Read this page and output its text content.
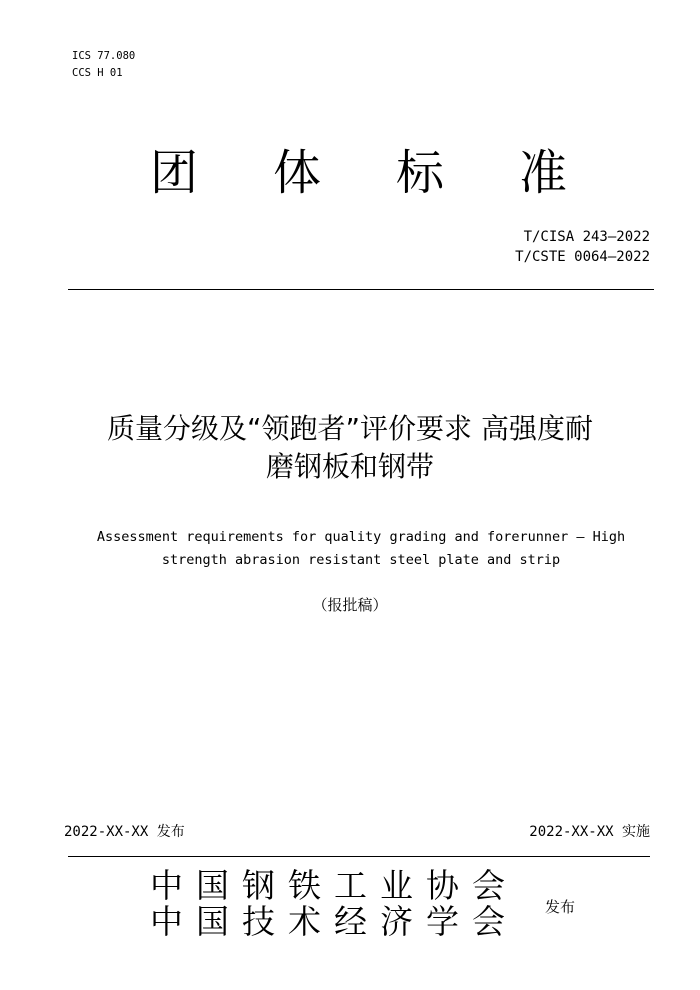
ICS 77.080
CCS H 01
团 体 标 准
T/CISA 243—2022
T/CSTE 0064—2022
质量分级及“领跑者”评价要求 高强度耐
磨钢板和钢带
Assessment requirements for quality grading and forerunner — High
strength abrasion resistant steel plate and strip
（报批稿）
2022-XX-XX 发布	2022-XX-XX 实施
中国钢铁工业协会
中国技术经济学会 发布
